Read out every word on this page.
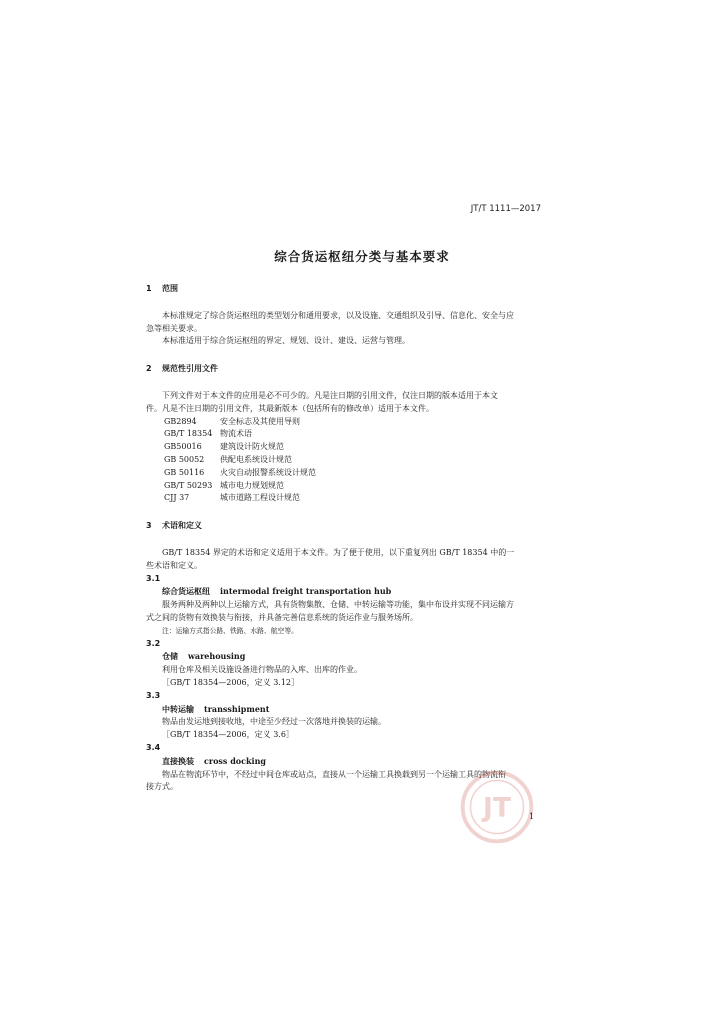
JT/T 1111—2017
综合货运枢纽分类与基本要求
1 范围

本标准规定了综合货运枢纽的类型划分和通用要求，以及设施、交通组织及引导、信息化、安全与应

急等相关要求。

本标准适用于综合货运枢纽的界定、规划、设计、建设、运营与管理。

2 规范性引用文件

下列文件对于本文件的应用是必不可少的。凡是注日期的引用文件，仅注日期的版本适用于本文

件。凡是不注日期的引用文件，其最新版本（包括所有的修改单）适用于本文件。

GB2894	安全标志及其使用导则
GB/T 18354 物流术语
GB50016 建筑设计防火规范
GB 50052 供配电系统设计规范
GB 50116 火灾自动报警系统设计规范
GB/T 50293 城市电力规划规范
CJJ 37	城市道路工程设计规范
3 术语和定义

GB/T 18354 界定的术语和定义适用于本文件。为了便于使用，以下重复列出 GB/T 18354 中的一

些术语和定义。

3.1
综合货运枢纽 intermodal freight transportation hub

服务两种及两种以上运输方式，具有货物集散、仓储、中转运输等功能，集中布设并实现不同运输方

式之间的货物有效换装与衔接，并具备完善信息系统的货运作业与服务场所。

注：运输方式指公路、铁路、水路、航空等。

3.2
仓储 warehousing

利用仓库及相关设施设备进行物品的入库、出库的作业。

［GB/T 18354—2006，定义 3.12］

3.3
中转运输 transshipment

物品由发运地到接收地，中途至少经过一次落地并换装的运输。

［GB/T 18354—2006，定义 3.6］

3.4
直接换装 cross docking

物品在物流环节中，不经过中间仓库或站点，直接从一个运输工具换载到另一个运输工具的物流衔

接方式。

JT 1
